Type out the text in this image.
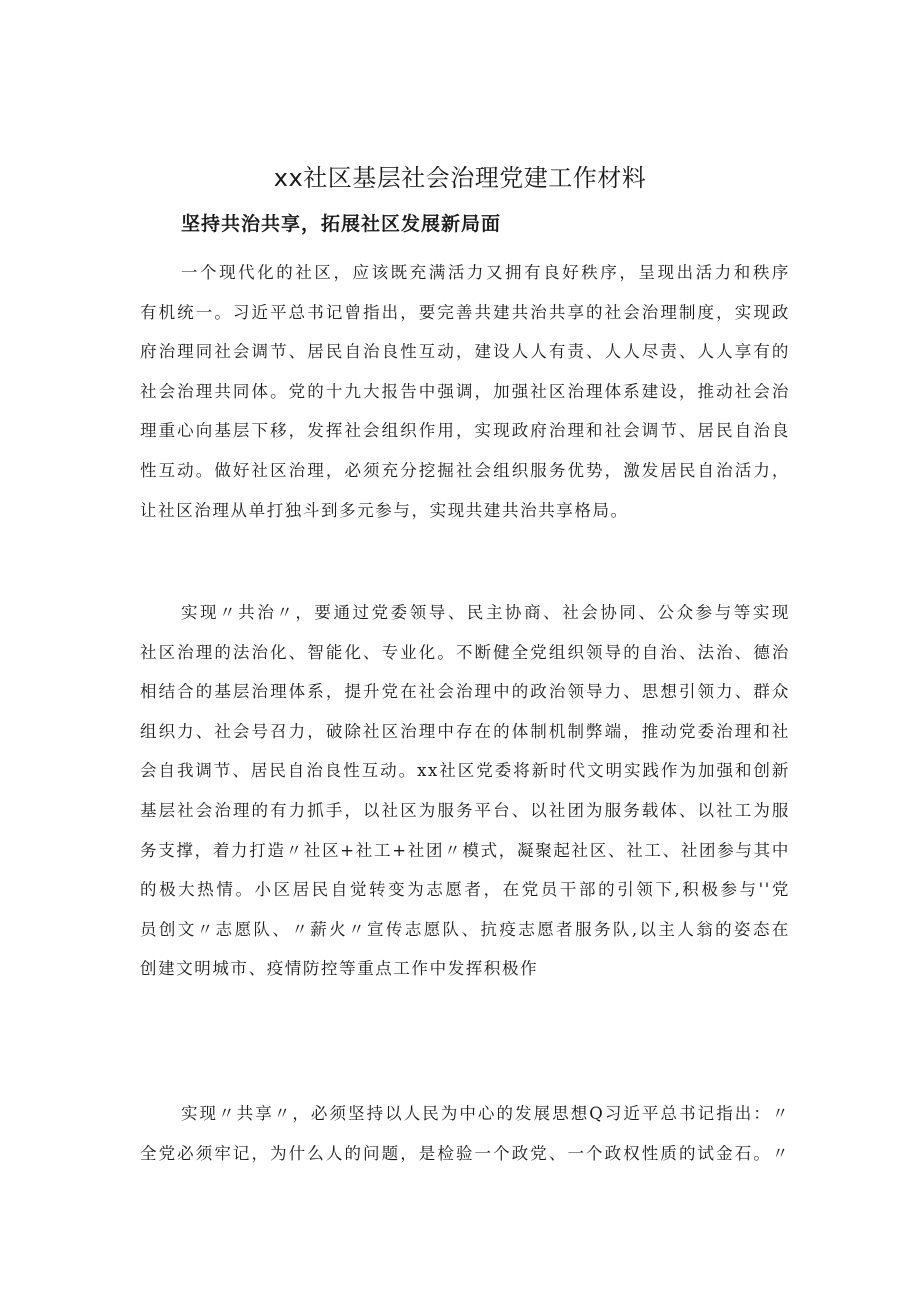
xx社区基层社会治理党建工作材料
坚持共治共享，拓展社区发展新局面
一个现代化的社区，应该既充满活力又拥有良好秩序，呈现出活力和秩序
有机统一。习近平总书记曾指出，要完善共建共治共享的社会治理制度，实现政
府治理同社会调节、居民自治良性互动，建设人人有责、人人尽责、人人享有的
社会治理共同体。党的十九大报告中强调，加强社区治理体系建设，推动社会治
理重心向基层下移，发挥社会组织作用，实现政府治理和社会调节、居民自治良
性互动。做好社区治理，必须充分挖掘社会组织服务优势，激发居民自治活力，
让社区治理从单打独斗到多元参与，实现共建共治共享格局。
实现〃共治〃，要通过党委领导、民主协商、社会协同、公众参与等实现
社区治理的法治化、智能化、专业化。不断健全党组织领导的自治、法治、德治
相结合的基层治理体系，提升党在社会治理中的政治领导力、思想引领力、群众
组织力、社会号召力，破除社区治理中存在的体制机制弊端，推动党委治理和社
会自我调节、居民自治良性互动。xx社区党委将新时代文明实践作为加强和创新
基层社会治理的有力抓手，以社区为服务平台、以社团为服务载体、以社工为服
务支撑，着力打造〃社区+社工+社团〃模式，凝聚起社区、社工、社团参与其中
的极大热情。小区居民自觉转变为志愿者，在党员干部的引领下,积极参与''党
员创文〃志愿队、〃薪火〃宣传志愿队、抗疫志愿者服务队,以主人翁的姿态在
创建文明城市、疫情防控等重点工作中发挥积极作
实现〃共享〃，必须坚持以人民为中心的发展思想Q习近平总书记指出：〃
全党必须牢记，为什么人的问题，是检验一个政党、一个政权性质的试金石。〃
